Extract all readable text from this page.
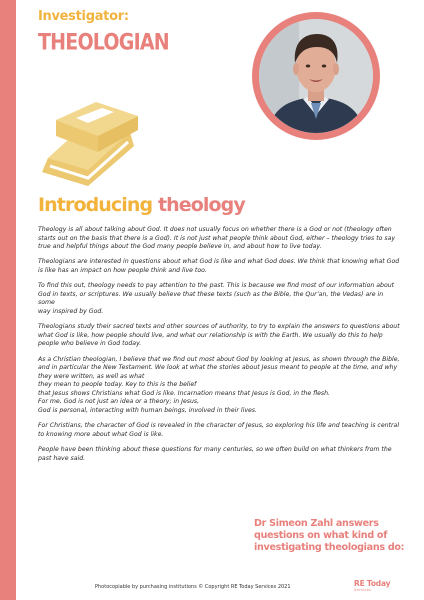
Investigator:
THEOLOGIAN
Introducing theology

Theology is all about talking about God. It does not usually focus on whether there is a God or not (theology often
starts out on the basis that there is a God). It is not just what people think about God, either – theology tries to say
true and helpful things about the God many people believe in, and about how to live today.

Theologians are interested in questions about what God is like and what God does. We think that knowing what God
is like has an impact on how people think and live too.

To find this out, theology needs to pay attention to the past. This is because we find most of our information about
God in texts, or scriptures. We usually believe that these texts (such as the Bible, the Qur’an, the Vedas) are in some
way inspired by God.

Theologians study their sacred texts and other sources of authority, to try to explain the answers to questions about
what God is like, how people should live, and what our relationship is with the Earth. We usually do this to help
people who believe in God today.

As a Christian theologian, I believe that we find out most about God by looking at Jesus, as shown through the Bible,
and in particular the New Testament. We look at what the stories about Jesus meant to people at the time, and why
they were written, as well as what
they mean to people today. Key to this is the belief
that Jesus shows Christians what God is like. Incarnation means that Jesus is God, in the flesh.
For me, God is not just an idea or a theory; in Jesus,
God is personal, interacting with human beings, involved in their lives.

For Christians, the character of God is revealed in the character of Jesus, so exploring his life and teaching is central
to knowing more about what God is like.

People have been thinking about these questions for many centuries, so we often build on what thinkers from the
past have said.

Dr Simeon Zahl answers
questions on what kind of
investigating theologians do:
Photocopiable by purchasing institutions © Copyright RE Today Services 2021	RE Today
Services
